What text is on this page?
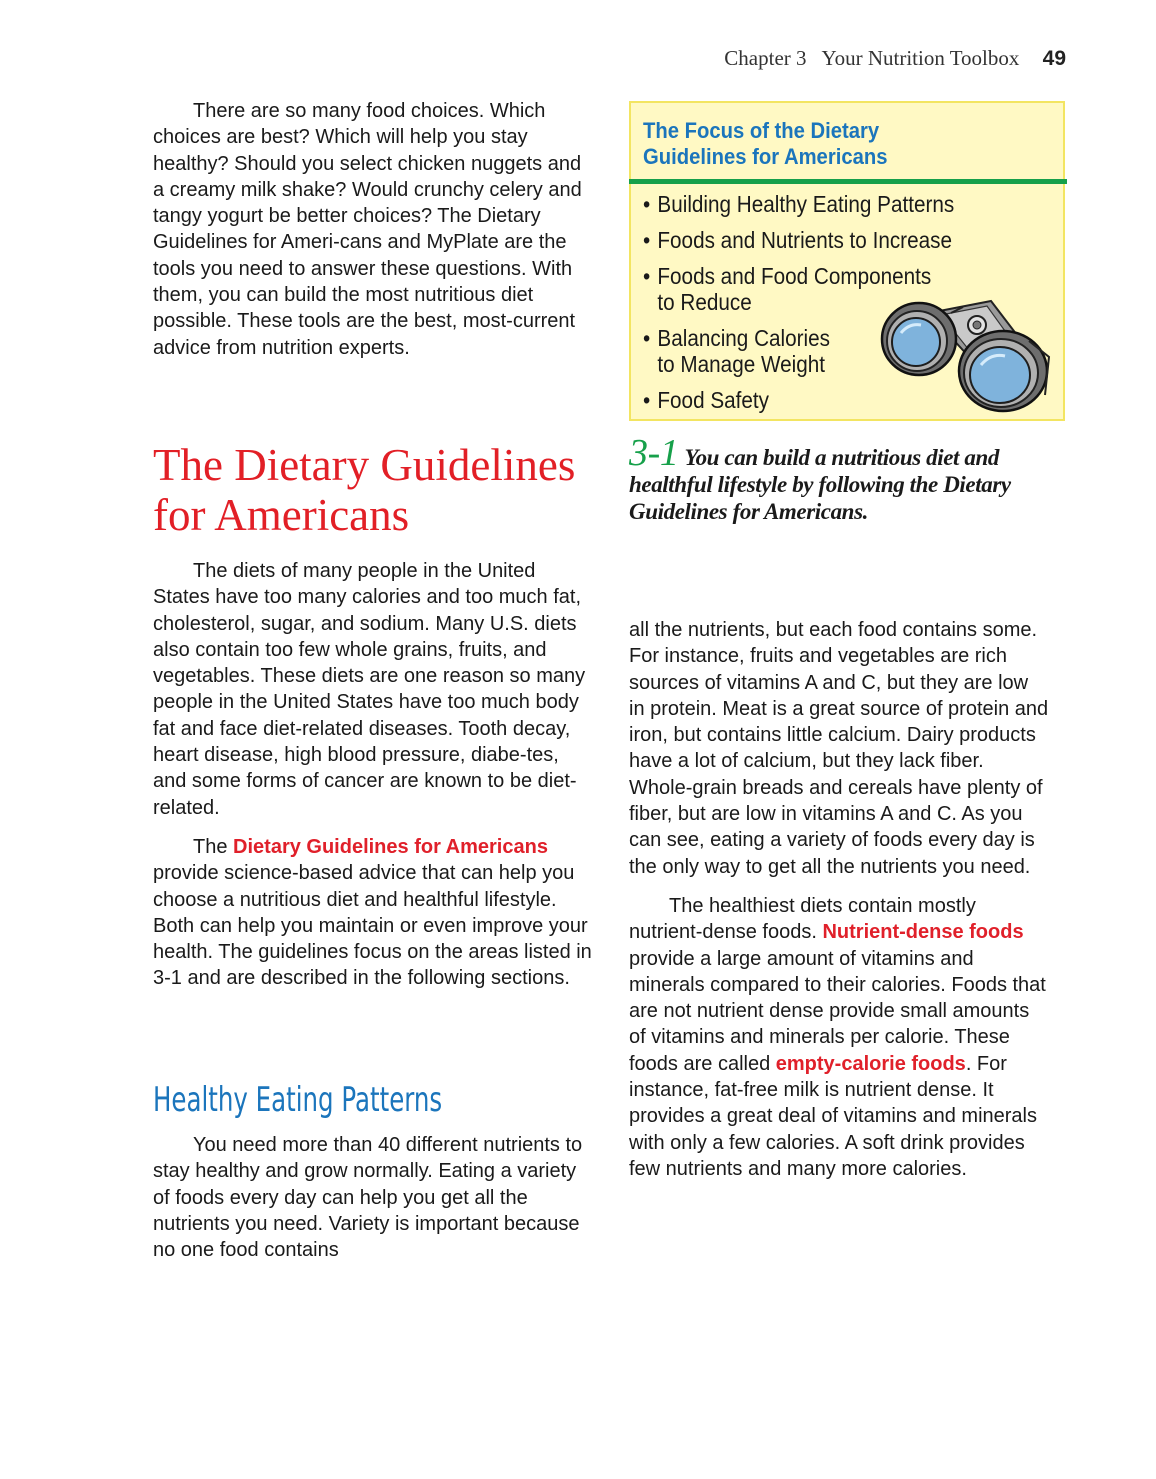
Chapter 3 Your Nutrition Toolbox 49

There are so many food choices. Which choices are best? Which will help you stay healthy? Should you select chicken nuggets and a creamy milk shake? Would crunchy celery and tangy yogurt be better choices? The Dietary Guidelines for Ameri-cans and MyPlate are the tools you need to answer these questions. With them, you can build the most nutritious diet possible. These tools are the best, most-current advice from nutrition experts.

The Dietary Guidelines
for Americans

The diets of many people in the United States have too many calories and too much fat, cholesterol, sugar, and sodium. Many U.S. diets also contain too few whole grains, fruits, and vegetables. These diets are one reason so many people in the United States have too much body fat and face diet-related diseases. Tooth decay, heart disease, high blood pressure, diabe-tes, and some forms of cancer are known to be diet-related.

The Dietary Guidelines for Americans provide science-based advice that can help you choose a nutritious diet and healthful lifestyle. Both can help you maintain or even improve your health. The guidelines focus on the areas listed in 3-1 and are described in the following sections.

Healthy Eating Patterns

You need more than 40 different nutrients to stay healthy and grow normally. Eating a variety of foods every day can help you get all the nutrients you need. Variety is important because no one food contains

The Focus of the Dietary
Guidelines for Americans
• Building Healthy Eating Patterns
• Foods and Nutrients to Increase
• Foods and Food Components
to Reduce
• Balancing Calories
to Manage Weight
• Food Safety
3-1 You can build a nutritious diet and healthful lifestyle by following the Dietary Guidelines for Americans.

all the nutrients, but each food contains some. For instance, fruits and vegetables are rich sources of vitamins A and C, but they are low in protein. Meat is a great source of protein and iron, but contains little calcium. Dairy products have a lot of calcium, but they lack fiber. Whole-grain breads and cereals have plenty of fiber, but are low in vitamins A and C. As you can see, eating a variety of foods every day is the only way to get all the nutrients you need.

The healthiest diets contain mostly nutrient-dense foods. Nutrient-dense foods provide a large amount of vitamins and minerals compared to their calories. Foods that are not nutrient dense provide small amounts of vitamins and minerals per calorie. These foods are called empty-calorie foods. For instance, fat-free milk is nutrient dense. It provides a great deal of vitamins and minerals with only a few calories. A soft drink provides few nutrients and many more calories.
